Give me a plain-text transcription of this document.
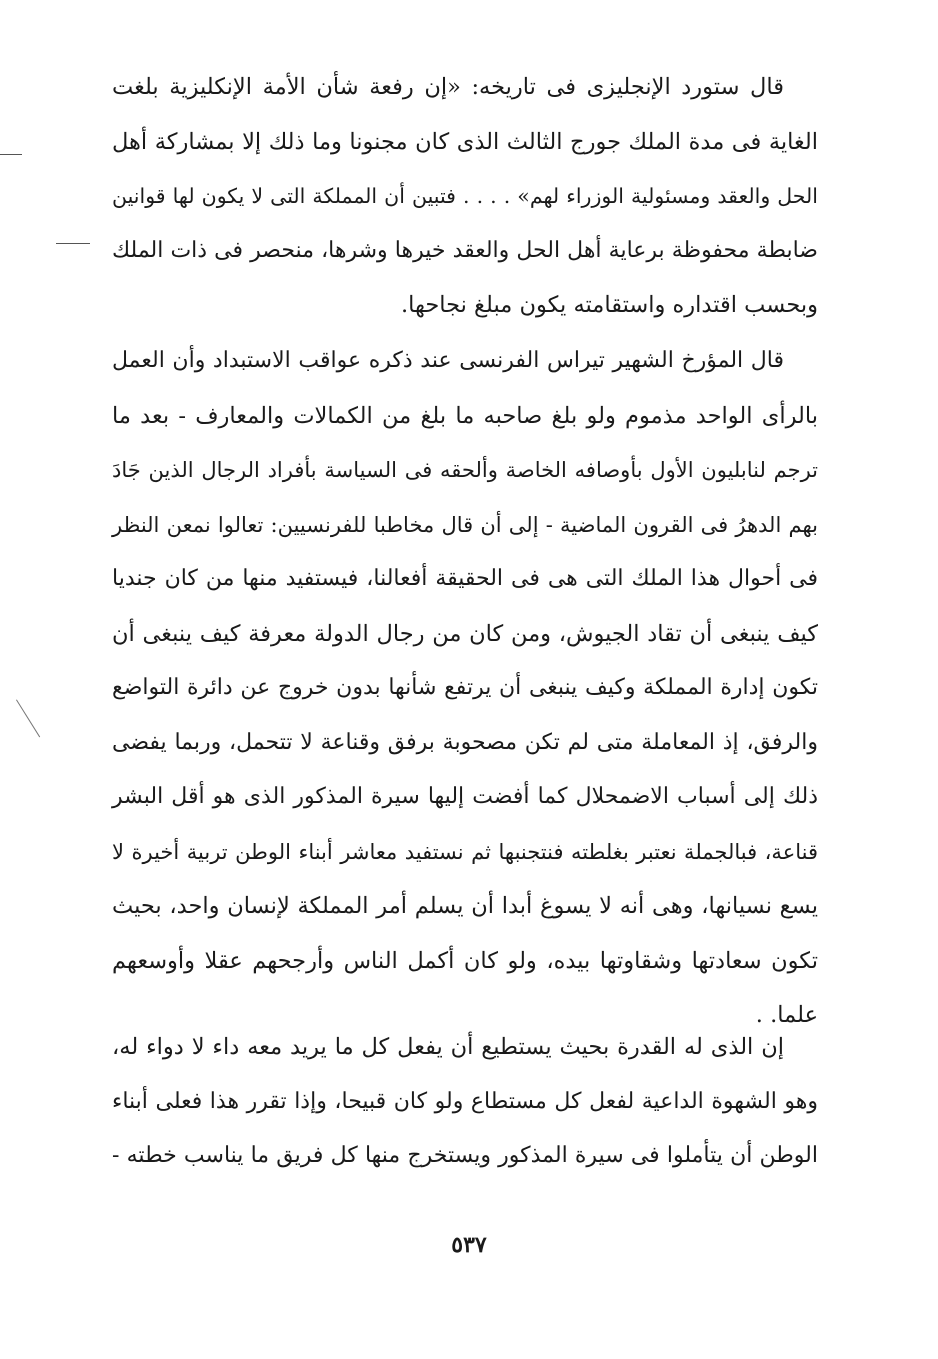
قال ستورد الإنجليزى فى تاريخه: «إن رفعة شأن الأمة الإنكليزية بلغت
الغاية فى مدة الملك جورج الثالث الذى كان مجنونا وما ذلك إلا بمشاركة أهل
الحل والعقد ومسئولية الوزراء لهم» . . . . فتبين أن المملكة التى لا يكون لها قوانين
ضابطة محفوظة برعاية أهل الحل والعقد خيرها وشرها، منحصر فى ذات الملك
وبحسب اقتداره واستقامته يكون مبلغ نجاحها.
قال المؤرخ الشهير تيراس الفرنسى عند ذكره عواقب الاستبداد وأن العمل
بالرأى الواحد مذموم ولو بلغ صاحبه ما بلغ من الكمالات والمعارف - بعد ما
ترجم لنابليون الأول بأوصافه الخاصة وألحقه فى السياسة بأفراد الرجال الذين جَادَ
بهم الدهرُ فى القرون الماضية - إلى أن قال مخاطبا للفرنسيين: تعالوا نمعن النظر
فى أحوال هذا الملك التى هى فى الحقيقة أفعالنا، فيستفيد منها من كان جنديا
كيف ينبغى أن تقاد الجيوش، ومن كان من رجال الدولة معرفة كيف ينبغى أن
تكون إدارة المملكة وكيف ينبغى أن يرتفع شأنها بدون خروج عن دائرة التواضع
والرفق، إذ المعاملة متى لم تكن مصحوبة برفق وقناعة لا تتحمل، وربما يفضى
ذلك إلى أسباب الاضمحلال كما أفضت إليها سيرة المذكور الذى هو أقل البشر
قناعة، فبالجملة نعتبر بغلطته فنتجنبها ثم نستفيد معاشر أبناء الوطن تربية أخيرة لا
يسع نسيانها، وهى أنه لا يسوغ أبدا أن يسلم أمر المملكة لإنسان واحد، بحيث
تكون سعادتها وشقاوتها بيده، ولو كان أكمل الناس وأرجحهم عقلا وأوسعهم
علما. .
إن الذى له القدرة بحيث يستطيع أن يفعل كل ما يريد معه داء لا دواء له،
وهو الشهوة الداعية لفعل كل مستطاع ولو كان قبيحا، وإذا تقرر هذا فعلى أبناء
الوطن أن يتأملوا فى سيرة المذكور ويستخرج منها كل فريق ما يناسب خطته -
٥٣٧
